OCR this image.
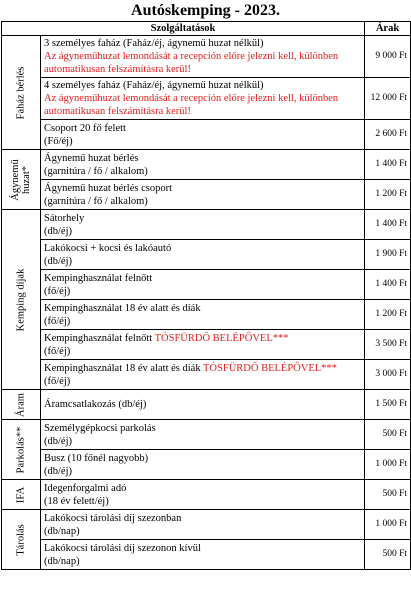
Autóskemping - 2023.
Szolgáltatások		Árak

Faház bérlés	3 személyes faház (Faház/éj, ágynemű huzat nélkül)
Az ágyneműhuzat lemondását a recepción előre jelezni kell, különben automatikusan felszámításra kerül!	9 000 Ft

	4 személyes faház (Faház/éj, ágynemű huzat nélkül)
Az ágyneműhuzat lemondását a recepción előre jelezni kell, különben automatikusan felszámításra kerül!	12 000 Ft

	Csoport 20 fő felett
(Fő/éj)	2 600 Ft

Ágynemű huzat*	Ágynemű huzat bérlés
(garnitúra / fő / alkalom)	1 400 Ft

	Ágynemű huzat bérlés csoport
(garnitúra / fő / alkalom)	1 200 Ft

Kemping díjak	Sátorhely
(db/éj)	1 400 Ft

	Lakókocsi + kocsi és lakóautó
(db/éj)	1 900 Ft

	Kempinghasználat felnőtt
(fő/éj)	1 400 Ft

	Kempinghasználat 18 év alatt és diák
(fő/éj)	1 200 Ft

	Kempinghasználat felnőtt TÓSFÜRDŐ BELÉPŐVEL***
(fő/éj)	3 500 Ft

	Kempinghasználat 18 év alatt és diák TÓSFÜRDŐ BELÉPŐVEL***
(fő/éj)	3 000 Ft

Áram	Áramcsatlakozás (db/éj)	1 500 Ft

Parkolás**	Személygépkocsi parkolás
(db/éj)	500 Ft

	Busz (10 főnél nagyobb)
(db/éj)	1 000 Ft

IFA	Idegenforgalmi adó
(18 év felett/éj)	500 Ft

Tárolás	Lakókocsi tárolási díj szezonban
(db/nap)	1 000 Ft

	Lakókocsi tárolási díj szezonon kívül
(db/nap)	500 Ft
